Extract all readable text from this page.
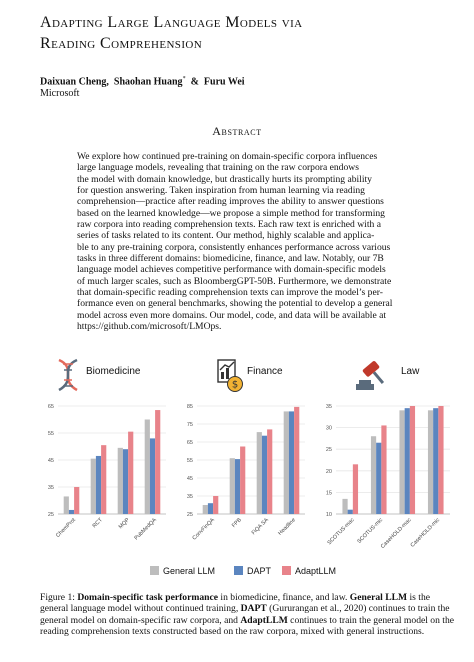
Adapting Large Language Models via
Reading Comprehension
Daixuan Cheng, Shaohan Huang* & Furu Wei
Microsoft
Abstract
We explore how continued pre-training on domain-specific corpora influences
large language models, revealing that training on the raw corpora endows
the model with domain knowledge, but drastically hurts its prompting ability
for question answering. Taken inspiration from human learning via reading
comprehension—practice after reading improves the ability to answer questions
based on the learned knowledge—we propose a simple method for transforming
raw corpora into reading comprehension texts. Each raw text is enriched with a
series of tasks related to its content. Our method, highly scalable and applica-
ble to any pre-training corpora, consistently enhances performance across various
tasks in three different domains: biomedicine, finance, and law. Notably, our 7B
language model achieves competitive performance with domain-specific models
of much larger scales, such as BloombergGPT-50B. Furthermore, we demonstrate
that domain-specific reading comprehension texts can improve the model’s per-
formance even on general benchmarks, showing the potential to develop a general
model across even more domains. Our model, code, and data will be available at
https://github.com/microsoft/LMOps.
Biomedicine
25
35
45
55
65
ChemProt	RCT	MQP PubMedQA
$
Finance
25
35
45
55
65
75
85
ConvFinQA	FPB FiQA SA Headline
Law
10
15
20
25
30
35
SCOTUS-mac SCOTUS-mic
CaseHOLD-mac
CaseHOLD-mic
General LLM	DAPT	AdaptLLM
Figure 1: Domain-specific task performance in biomedicine, finance, and law. General LLM is the general language model without continued training, DAPT (Gururangan et al., 2020) continues to train the general model on domain-specific raw corpora, and AdaptLLM continues to train the general model on the reading comprehension texts constructed based on the raw corpora, mixed with general instructions.
